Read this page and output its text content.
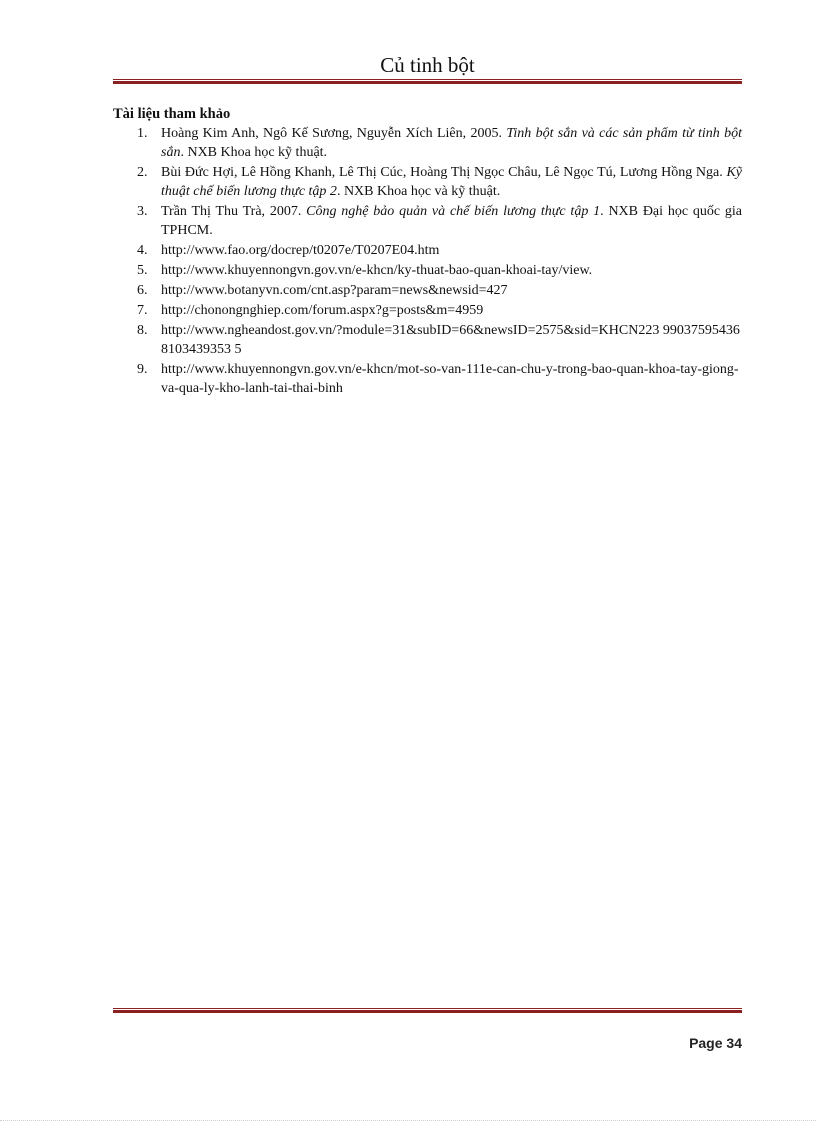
Củ tinh bột
Tài liệu tham khảo
1. Hoàng Kim Anh, Ngô Kế Sương, Nguyễn Xích Liên, 2005. Tinh bột sắn và các sản phẩm từ tinh bột sắn. NXB Khoa học kỹ thuật.
2. Bùi Đức Hợi, Lê Hồng Khanh, Lê Thị Cúc, Hoàng Thị Ngọc Châu, Lê Ngọc Tú, Lương Hồng Nga. Kỹ thuật chế biến lương thực tập 2. NXB Khoa học và kỹ thuật.
3. Trần Thị Thu Trà, 2007. Công nghệ bảo quản và chế biến lương thực tập 1. NXB Đại học quốc gia TPHCM.
4. http://www.fao.org/docrep/t0207e/T0207E04.htm
5. http://www.khuyennongvn.gov.vn/e-khcn/ky-thuat-bao-quan-khoai-tay/view.
6. http://www.botanyvn.com/cnt.asp?param=news&newsid=427
7. http://chonongnghiep.com/forum.aspx?g=posts&m=4959
8. http://www.ngheandost.gov.vn/?module=31&subID=66&newsID=2575&sid=KHCN223 990375954368103439353 5
9. http://www.khuyennongvn.gov.vn/e-khcn/mot-so-van-111e-can-chu-y-trong-bao-quan-khoa-tay-giong-va-qua-ly-kho-lanh-tai-thai-binh
Page 34
